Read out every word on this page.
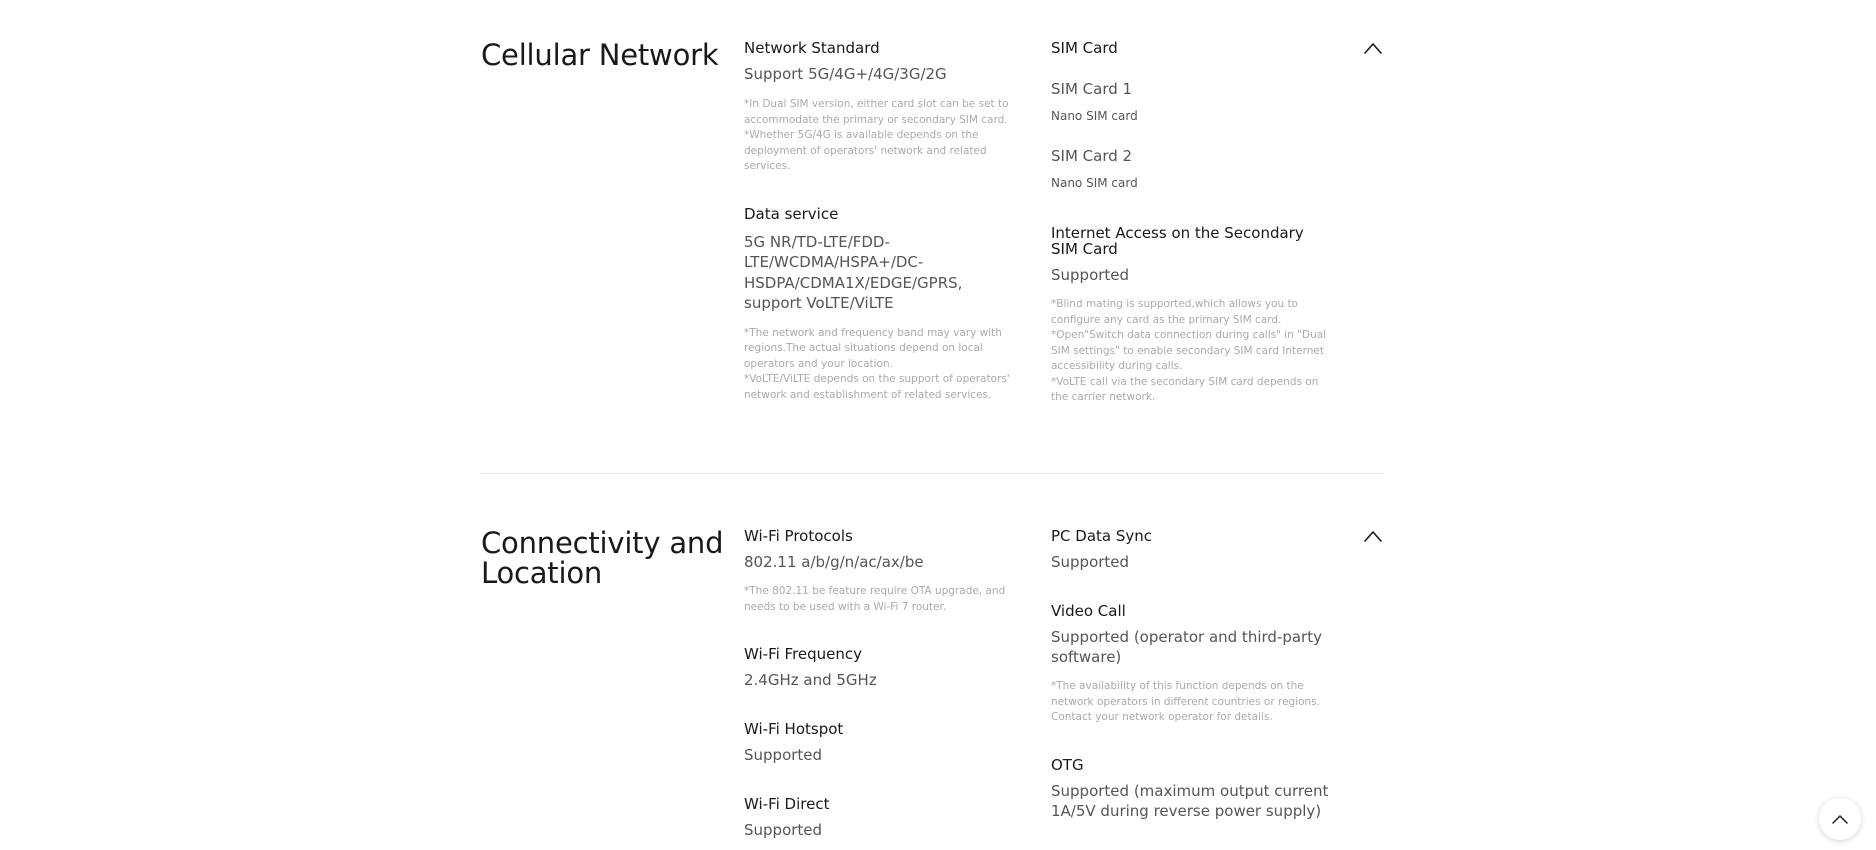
Cellular Network Network Standard

Support 5G/4G+/4G/3G/2G

*In Dual SIM version, either card slot can be set to accommodate the primary or secondary SIM card.

*Whether 5G/4G is available depends on the deployment of operators' network and related services.

Data service

5G NR/TD-LTE/FDD-LTE/WCDMA/HSPA+/DC-HSDPA/CDMA1X/EDGE/GPRS, support VoLTE/ViLTE

*The network and frequency band may vary with regions.The actual situations depend on local operators and your location.

*VoLTE/ViLTE depends on the support of operators' network and establishment of related services.

SIM Card

SIM Card 1

Nano SIM card

SIM Card 2

Nano SIM card

Internet Access on the Secondary SIM Card

Supported

*Blind mating is supported,which allows you to configure any card as the primary SIM card.

*Open"Switch data connection during calls" in "Dual SIM settings" to enable secondary SIM card Internet accessibility during calls.

*VoLTE call via the secondary SIM card depends on the carrier network.

Connectivity and Location

Wi-Fi Protocols

802.11 a/b/g/n/ac/ax/be

*The 802.11 be feature require OTA upgrade, and needs to be used with a Wi-Fi 7 router.

Wi-Fi Frequency

2.4GHz and 5GHz

Wi-Fi Hotspot

Supported

Wi-Fi Direct

Supported

PC Data Sync

Supported

Video Call

Supported (operator and third-party software)

*The availability of this function depends on the network operators in different countries or regions. Contact your network operator for details.

OTG

Supported (maximum output current 1A/5V during reverse power supply)
